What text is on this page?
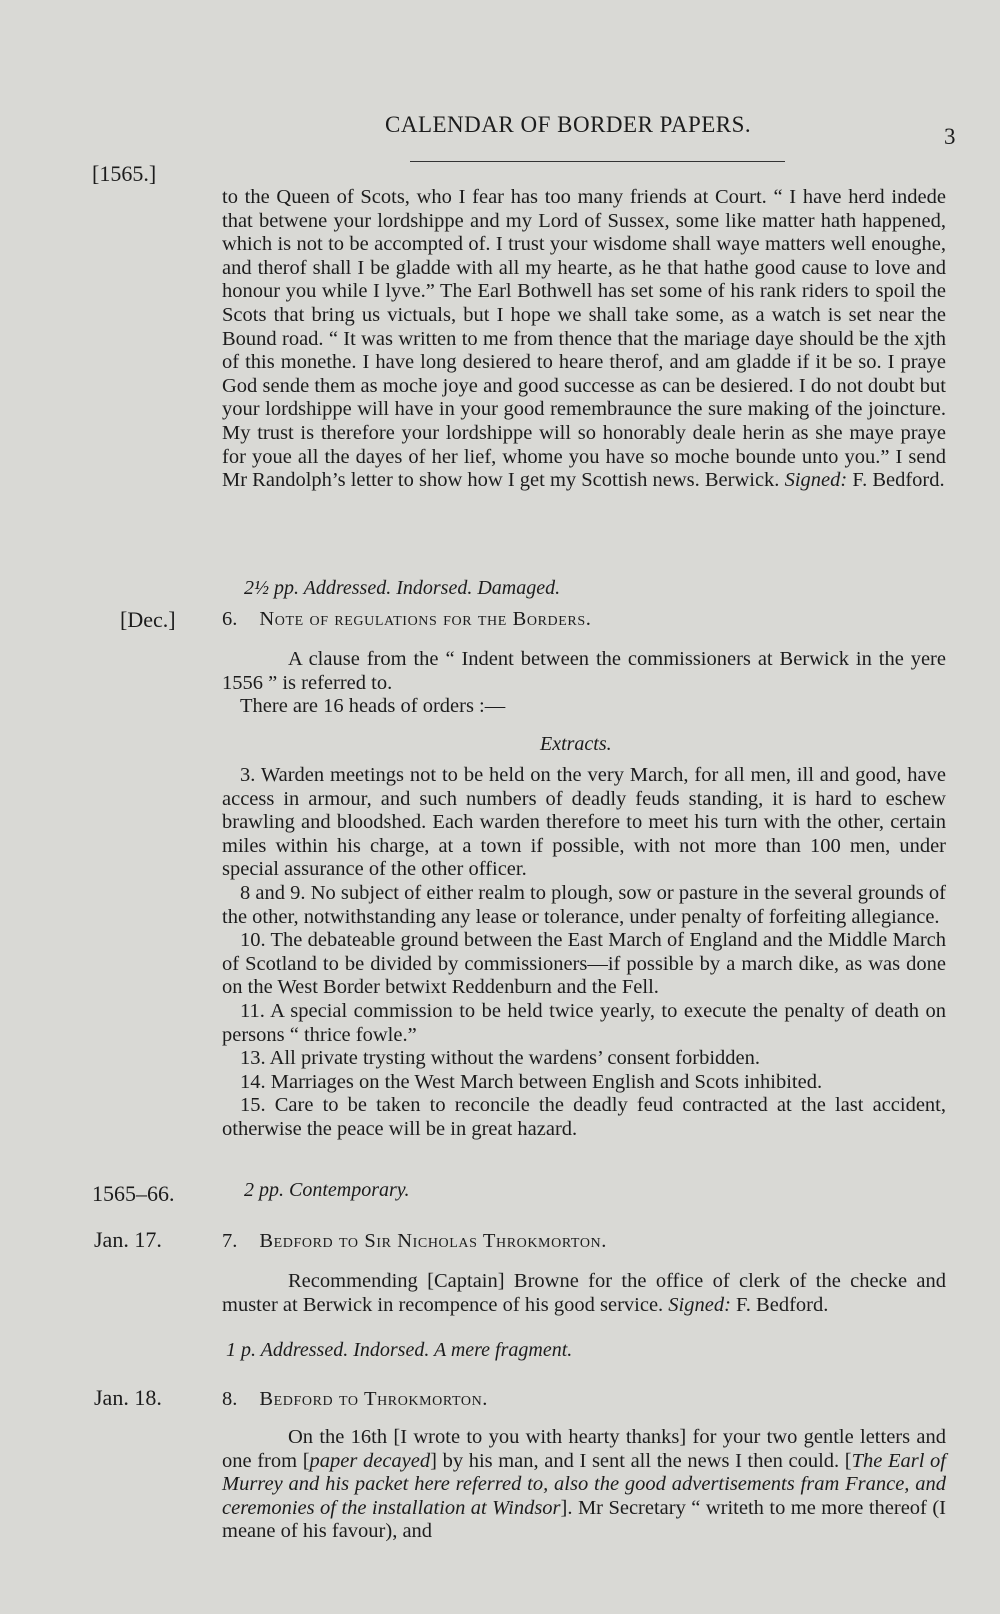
CALENDAR OF BORDER PAPERS.	3
[1565.]

to the Queen of Scots, who I fear has too many friends at Court. “ I have herd indede that betwene your lordshippe and my Lord of Sussex, some like matter hath happened, which is not to be accompted of. I trust your wisdome shall waye matters well enoughe, and therof shall I be gladde with all my hearte, as he that hathe good cause to love and honour you while I lyve.” The Earl Bothwell has set some of his rank riders to spoil the Scots that bring us victuals, but I hope we shall take some, as a watch is set near the Bound road. “ It was written to me from thence that the mariage daye should be the xjth of this monethe. I have long desiered to heare therof, and am gladde if it be so. I praye God sende them as moche joye and good successe as can be desiered. I do not doubt but your lordshippe will have in your good remembraunce the sure making of the joincture. My trust is therefore your lordshippe will so honorably deale herin as she maye praye for youe all the dayes of her lief, whome you have so moche bounde unto you.” I send Mr Randolph’s letter to show how I get my Scottish news. Berwick. Signed: F. Bedford.

2½ pp. Addressed. Indorsed. Damaged.
[Dec.] 6. Note of regulations for the Borders.

A clause from the “ Indent between the commissioners at Berwick in the yere 1556 ” is referred to.

There are 16 heads of orders :—

Extracts.

3. Warden meetings not to be held on the very March, for all men, ill and good, have access in armour, and such numbers of deadly feuds standing, it is hard to eschew brawling and bloodshed. Each warden therefore to meet his turn with the other, certain miles within his charge, at a town if possible, with not more than 100 men, under special assurance of the other officer.

8 and 9. No subject of either realm to plough, sow or pasture in the several grounds of the other, notwithstanding any lease or tolerance, under penalty of forfeiting allegiance.

10. The debateable ground between the East March of England and the Middle March of Scotland to be divided by commissioners—if possible by a march dike, as was done on the West Border betwixt Reddenburn and the Fell.

11. A special commission to be held twice yearly, to execute the penalty of death on persons “ thrice fowle.”

13. All private trysting without the wardens’ consent forbidden.

14. Marriages on the West March between English and Scots inhibited.

15. Care to be taken to reconcile the deadly feud contracted at the last accident, otherwise the peace will be in great hazard.

2 pp. Contemporary.
1565–66.
Jan. 17.	7. Bedford to Sir Nicholas Throkmorton.

Recommending [Captain] Browne for the office of clerk of the checke and muster at Berwick in recompence of his good service. Signed: F. Bedford.

1 p. Addressed. Indorsed. A mere fragment.
Jan. 18.	8. Bedford to Throkmorton.

On the 16th [I wrote to you with hearty thanks] for your two gentle letters and one from [paper decayed] by his man, and I sent all the news I then could. [The Earl of Murrey and his packet here referred to, also the good advertisements fram France, and ceremonies of the installation at Windsor]. Mr Secretary “ writeth to me more thereof (I meane of his favour), and
